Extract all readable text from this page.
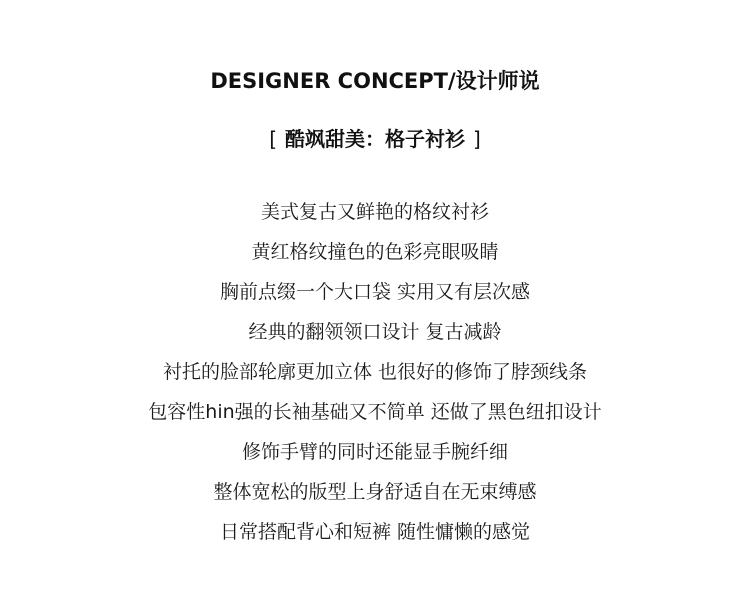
DESIGNER CONCEPT/设计师说
[ 酷飒甜美：格子衬衫 ]
美式复古又鲜艳的格纹衬衫
黄红格纹撞色的色彩亮眼吸睛
胸前点缀一个大口袋 实用又有层次感
经典的翻领领口设计 复古减龄
衬托的脸部轮廓更加立体 也很好的修饰了脖颈线条
包容性hin强的长袖基础又不简单 还做了黑色纽扣设计
修饰手臂的同时还能显手腕纤细
整体宽松的版型上身舒适自在无束缚感
日常搭配背心和短裤 随性慵懒的感觉
